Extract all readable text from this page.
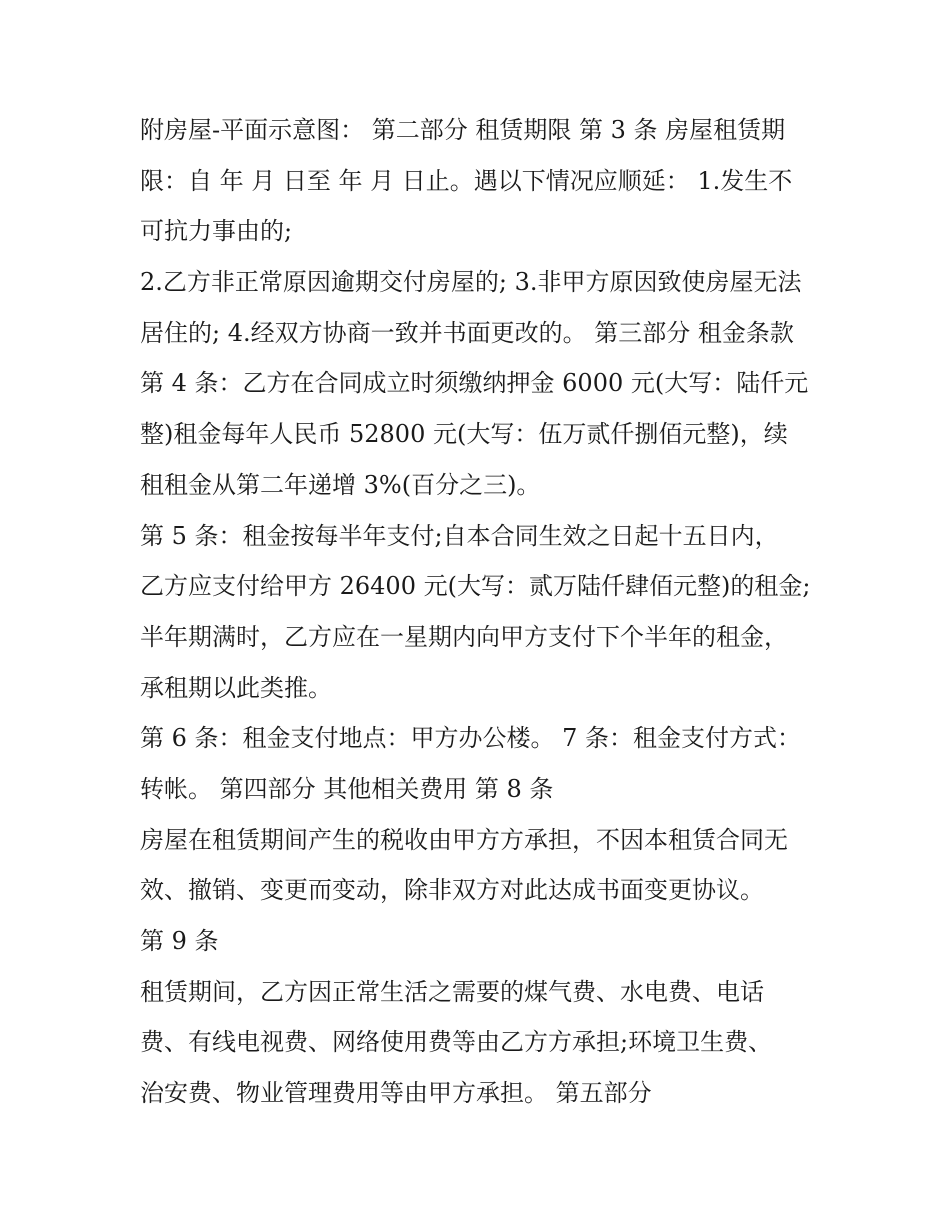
附房屋-平面示意图： 第二部分 租赁期限 第 3 条 房屋租赁期
限：自 年 月 日至 年 月 日止。遇以下情况应顺延： 1.发生不
可抗力事由的;
2.乙方非正常原因逾期交付房屋的; 3.非甲方原因致使房屋无法
居住的; 4.经双方协商一致并书面更改的。 第三部分 租金条款
第 4 条：乙方在合同成立时须缴纳押金 6000 元(大写：陆仟元
整)租金每年人民币 52800 元(大写：伍万贰仟捌佰元整)，续
租租金从第二年递增 3%(百分之三)。
第 5 条：租金按每半年支付;自本合同生效之日起十五日内，
乙方应支付给甲方 26400 元(大写：贰万陆仟肆佰元整)的租金;
半年期满时，乙方应在一星期内向甲方支付下个半年的租金，
承租期以此类推。
第 6 条：租金支付地点：甲方办公楼。 7 条：租金支付方式：
转帐。 第四部分 其他相关费用 第 8 条
房屋在租赁期间产生的税收由甲方方承担，不因本租赁合同无
效、撤销、变更而变动，除非双方对此达成书面变更协议。
第 9 条
租赁期间，乙方因正常生活之需要的煤气费、水电费、电话
费、有线电视费、网络使用费等由乙方方承担;环境卫生费、
治安费、物业管理费用等由甲方承担。 第五部分
